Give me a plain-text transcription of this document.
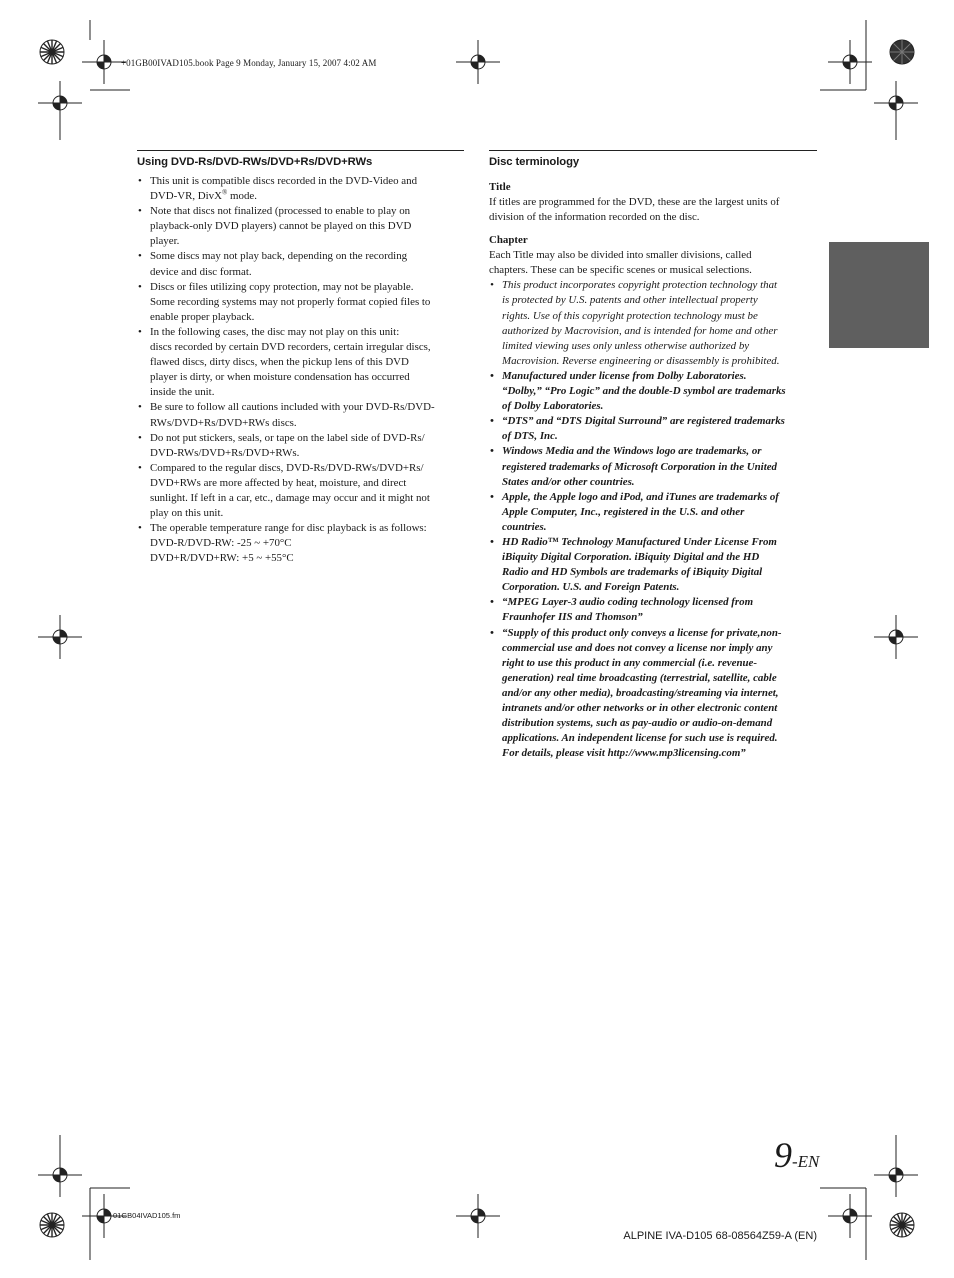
+01GB00IVAD105.book Page 9 Monday, January 15, 2007 4:02 AM
Using DVD-Rs/DVD-RWs/DVD+Rs/DVD+RWs
• This unit is compatible discs recorded in the DVD-Video and
DVD-VR, DivX® mode.
• Note that discs not finalized (processed to enable to play on
playback-only DVD players) cannot be played on this DVD
player.
• Some discs may not play back, depending on the recording
device and disc format.
• Discs or files utilizing copy protection, may not be playable.
Some recording systems may not properly format copied files to
enable proper playback.
• In the following cases, the disc may not play on this unit:
discs recorded by certain DVD recorders, certain irregular discs,
flawed discs, dirty discs, when the pickup lens of this DVD
player is dirty, or when moisture condensation has occurred
inside the unit.
• Be sure to follow all cautions included with your DVD-Rs/DVD-
RWs/DVD+Rs/DVD+RWs discs.
• Do not put stickers, seals, or tape on the label side of DVD-Rs/
DVD-RWs/DVD+Rs/DVD+RWs.
• Compared to the regular discs, DVD-Rs/DVD-RWs/DVD+Rs/
DVD+RWs are more affected by heat, moisture, and direct
sunlight. If left in a car, etc., damage may occur and it might not
play on this unit.
• The operable temperature range for disc playback is as follows:
DVD-R/DVD-RW: -25 ~ +70°C
DVD+R/DVD+RW: +5 ~ +55°C
Disc terminology
Title
If titles are programmed for the DVD, these are the largest units of
division of the information recorded on the disc.
Chapter
Each Title may also be divided into smaller divisions, called
chapters. These can be specific scenes or musical selections.
• This product incorporates copyright protection technology that
is protected by U.S. patents and other intellectual property
rights. Use of this copyright protection technology must be
authorized by Macrovision, and is intended for home and other
limited viewing uses only unless otherwise authorized by
Macrovision. Reverse engineering or disassembly is prohibited.
• Manufactured under license from Dolby Laboratories.
“Dolby,” “Pro Logic” and the double-D symbol are trademarks
of Dolby Laboratories.
• “DTS” and “DTS Digital Surround” are registered trademarks
of DTS, Inc.
• Windows Media and the Windows logo are trademarks, or
registered trademarks of Microsoft Corporation in the United
States and/or other countries.
• Apple, the Apple logo and iPod, and iTunes are trademarks of
Apple Computer, Inc., registered in the U.S. and other
countries.
• HD Radio™ Technology Manufactured Under License From
iBiquity Digital Corporation. iBiquity Digital and the HD
Radio and HD Symbols are trademarks of iBiquity Digital
Corporation. U.S. and Foreign Patents.
• “MPEG Layer-3 audio coding technology licensed from
Fraunhofer IIS and Thomson”
• “Supply of this product only conveys a license for private,non-
commercial use and does not convey a license nor imply any
right to use this product in any commercial (i.e. revenue-
generation) real time broadcasting (terrestrial, satellite, cable
and/or any other media), broadcasting/streaming via internet,
intranets and/or other networks or in other electronic content
distribution systems, such as pay-audio or audio-on-demand
applications. An independent license for such use is required.
For details, please visit http://www.mp3licensing.com”
9-EN
01GB04IVAD105.fm
ALPINE IVA-D105 68-08564Z59-A (EN)
